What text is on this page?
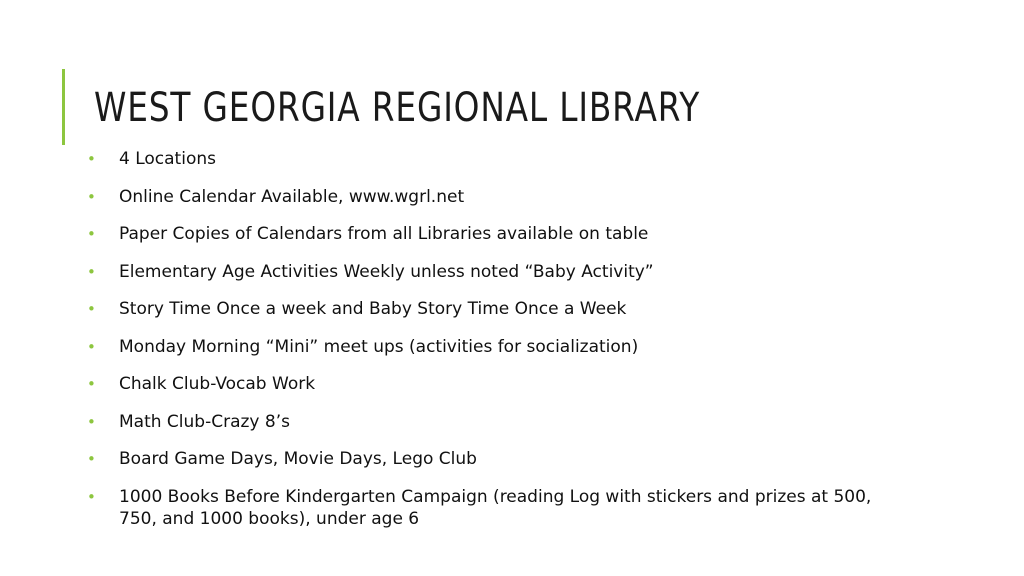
WEST GEORGIA REGIONAL LIBRARY
• 4 Locations
• Online Calendar Available, www.wgrl.net
• Paper Copies of Calendars from all Libraries available on table
• Elementary Age Activities Weekly unless noted “Baby Activity”
• Story Time Once a week and Baby Story Time Once a Week
• Monday Morning “Mini” meet ups (activities for socialization)
• Chalk Club-Vocab Work
• Math Club-Crazy 8’s
• Board Game Days, Movie Days, Lego Club
• 1000 Books Before Kindergarten Campaign (reading Log with stickers and prizes at 500, 750, and 1000 books), under age 6
